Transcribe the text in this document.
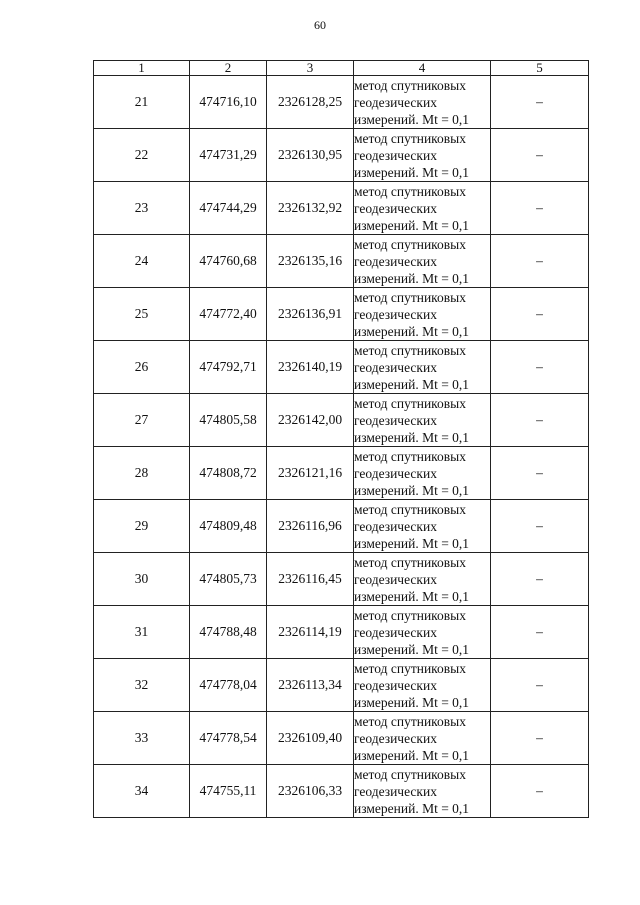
60
1	2	3	4	5
21	474716,10	2326128,25	метод спутниковых
геодезических
измерений. Mt = 0,1	–
22	474731,29	2326130,95	метод спутниковых
геодезических
измерений. Mt = 0,1	–
23	474744,29	2326132,92	метод спутниковых
геодезических
измерений. Mt = 0,1	–
24	474760,68	2326135,16	метод спутниковых
геодезических
измерений. Mt = 0,1	–
25	474772,40	2326136,91	метод спутниковых
геодезических
измерений. Mt = 0,1	–
26	474792,71	2326140,19	метод спутниковых
геодезических
измерений. Mt = 0,1	–
27	474805,58	2326142,00	метод спутниковых
геодезических
измерений. Mt = 0,1	–
28	474808,72	2326121,16	метод спутниковых
геодезических
измерений. Mt = 0,1	–
29	474809,48	2326116,96	метод спутниковых
геодезических
измерений. Mt = 0,1	–
30	474805,73	2326116,45	метод спутниковых
геодезических
измерений. Mt = 0,1	–
31	474788,48	2326114,19	метод спутниковых
геодезических
измерений. Mt = 0,1	–
32	474778,04	2326113,34	метод спутниковых
геодезических
измерений. Mt = 0,1	–
33	474778,54	2326109,40	метод спутниковых
геодезических
измерений. Mt = 0,1	–
34	474755,11	2326106,33	метод спутниковых
геодезических
измерений. Mt = 0,1	–
